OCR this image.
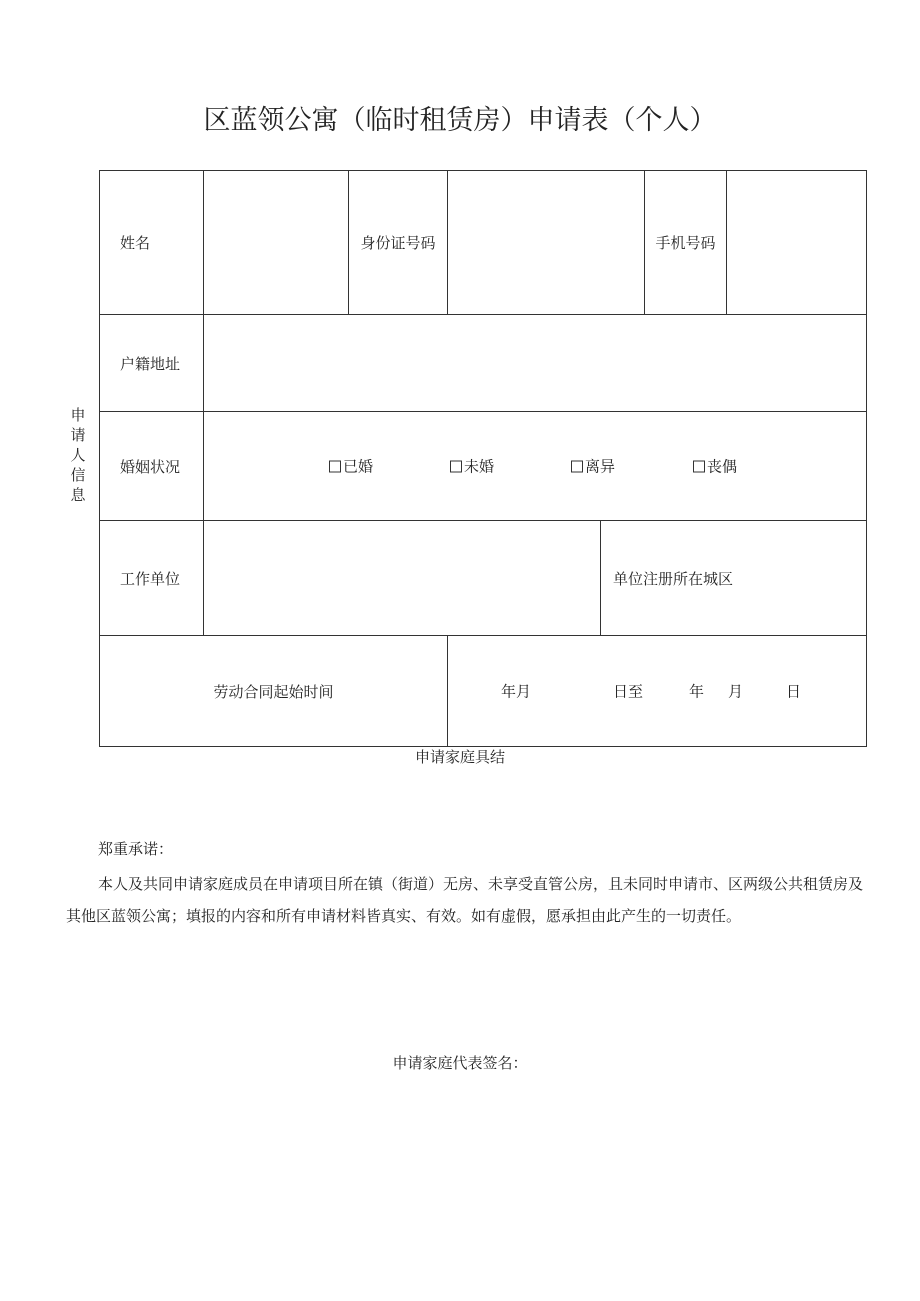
区蓝领公寓（临时租赁房）申请表（个人）
申
请
人
信
息
姓名		身份证号码			手机号码	
户籍地址						
婚姻状况	已婚 未婚 离异 丧偶					

工作单位				单位注册所在城区		
劳动合同起始时间			年月 日至 年 月 日			
申请家庭具结
郑重承诺：

本人及共同申请家庭成员在申请项目所在镇（街道）无房、未享受直管公房，且未同时申请市、区两级公共租赁房及其他区蓝领公寓；填报的内容和所有申请材料皆真实、有效。如有虚假，愿承担由此产生的一切责任。

申请家庭代表签名：
